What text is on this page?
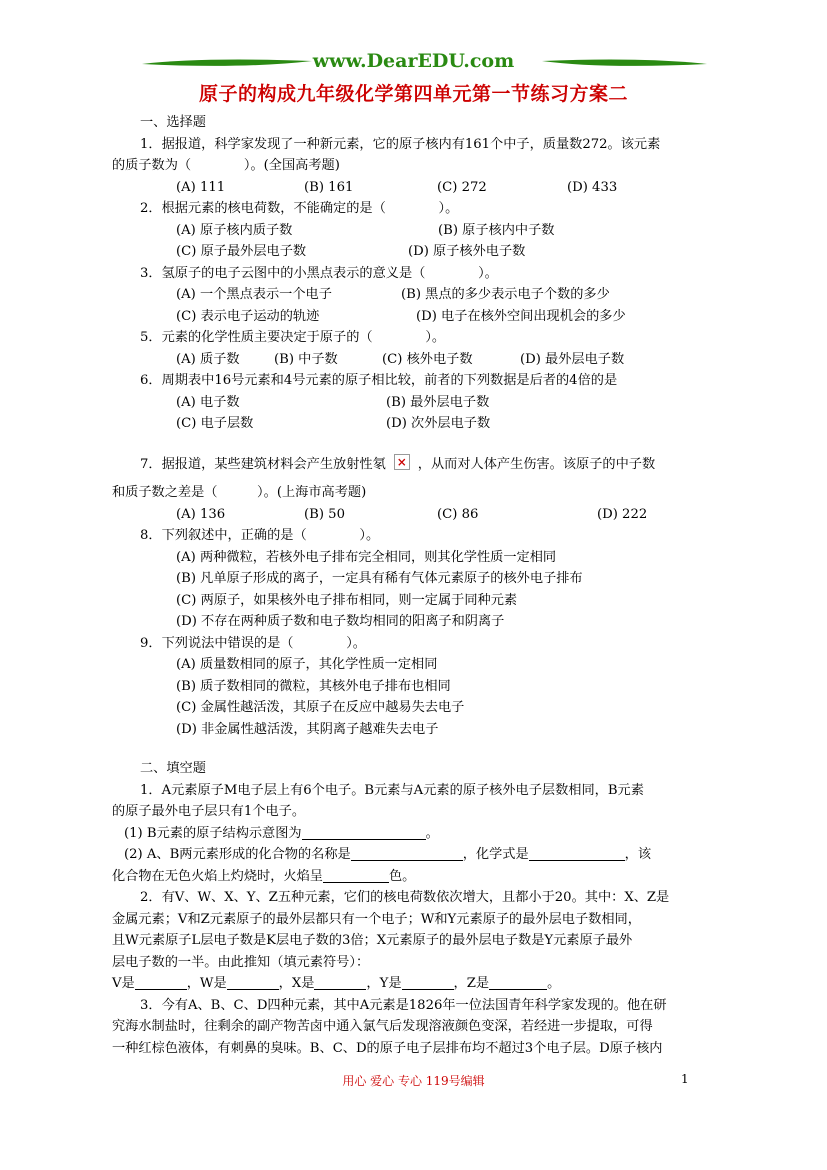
www.DearEDU.com
原子的构成九年级化学第四单元第一节练习方案二
一、选择题
1．据报道，科学家发现了一种新元素，它的原子核内有161个中子，质量数272。该元素
的质子数为（　　　　）。(全国高考题)
(A) 111	(B) 161	(C) 272	(D) 433
2．根据元素的核电荷数，不能确定的是（　　　　）。
(A) 原子核内质子数	(B) 原子核内中子数
(C) 原子最外层电子数	(D) 原子核外电子数
3．氢原子的电子云图中的小黑点表示的意义是（　　　　）。
(A) 一个黑点表示一个电子	(B) 黑点的多少表示电子个数的多少
(C) 表示电子运动的轨迹	(D) 电子在核外空间出现机会的多少
5．元素的化学性质主要决定于原子的（　　　　）。
(A) 质子数	(B) 中子数	(C) 核外电子数	(D) 最外层电子数
6．周期表中16号元素和4号元素的原子相比较，前者的下列数据是后者的4倍的是
(A) 电子数	(B) 最外层电子数
(C) 电子层数	(D) 次外层电子数
7．据报道，某些建筑材料会产生放射性氡× ，从而对人体产生伤害。该原子的中子数
和质子数之差是（　　　）。(上海市高考题)
(A) 136	(B) 50	(C) 86	(D) 222
8．下列叙述中，正确的是（　　　　）。
(A) 两种微粒，若核外电子排布完全相同，则其化学性质一定相同
(B) 凡单原子形成的离子，一定具有稀有气体元素原子的核外电子排布
(C) 两原子，如果核外电子排布相同，则一定属于同种元素
(D) 不存在两种质子数和电子数均相同的阳离子和阴离子
9．下列说法中错误的是（　　　　）。
(A) 质量数相同的原子，其化学性质一定相同
(B) 质子数相同的微粒，其核外电子排布也相同
(C) 金属性越活泼，其原子在反应中越易失去电子
(D) 非金属性越活泼，其阴离子越难失去电子
二、填空题
1．A元素原子M电子层上有6个电子。B元素与A元素的原子核外电子层数相同，B元素
的原子最外电子层只有1个电子。
(1) B元素的原子结构示意图为	。
(2) A、B两元素形成的化合物的名称是	，化学式是	，该
化合物在无色火焰上灼烧时，火焰呈	色。
2．有V、W、X、Y、Z五种元素，它们的核电荷数依次增大，且都小于20。其中：X、Z是
金属元素；V和Z元素原子的最外层都只有一个电子；W和Y元素原子的最外层电子数相同，
且W元素原子L层电子数是K层电子数的3倍；X元素原子的最外层电子数是Y元素原子最外
层电子数的一半。由此推知（填元素符号）：
V是	，W是	，X是	，Y是	，Z是	。
3．今有A、B、C、D四种元素，其中A元素是1826年一位法国青年科学家发现的。他在研
究海水制盐时，往剩余的副产物苦卤中通入氯气后发现溶液颜色变深，若经进一步提取，可得
一种红棕色液体，有刺鼻的臭味。B、C、D的原子电子层排布均不超过3个电子层。D原子核内
用心 爱心 专心 119号编辑	1
